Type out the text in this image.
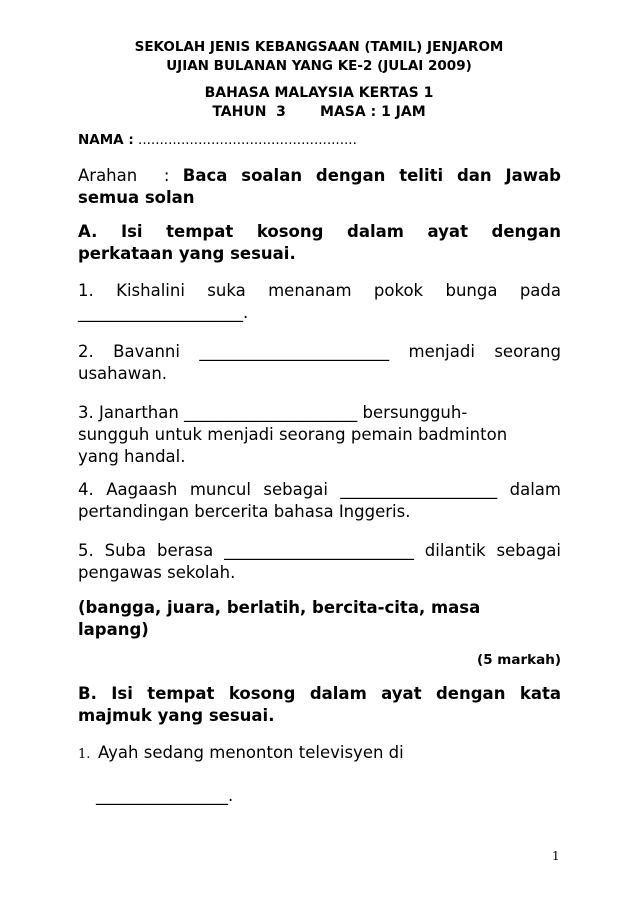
SEKOLAH JENIS KEBANGSAAN (TAMIL) JENJAROM
UJIAN BULANAN YANG KE-2 (JULAI 2009)
BAHASA MALAYSIA KERTAS 1
TAHUN  3       MASA : 1 JAM
NAMA : ...................................................
Arahan  : Baca soalan dengan teliti dan Jawab
semua solan
A. Isi tempat kosong dalam ayat dengan
perkataan yang sesuai.
1. Kishalini suka menanam pokok bunga pada
____________________.
2. Bavanni _______________________ menjadi seorang
usahawan.
3. Janarthan _____________________ bersungguh-
sungguh untuk menjadi seorang pemain badminton
yang handal.
4. Aagaash muncul sebagai ___________________ dalam
pertandingan bercerita bahasa Inggeris.
5. Suba berasa _______________________ dilantik sebagai
pengawas sekolah.
(bangga, juara, berlatih, bercita-cita, masa
lapang)
(5 markah)
B. Isi tempat kosong dalam ayat dengan kata
majmuk yang sesuai.
1. Ayah sedang menonton televisyen di
________________.
1
